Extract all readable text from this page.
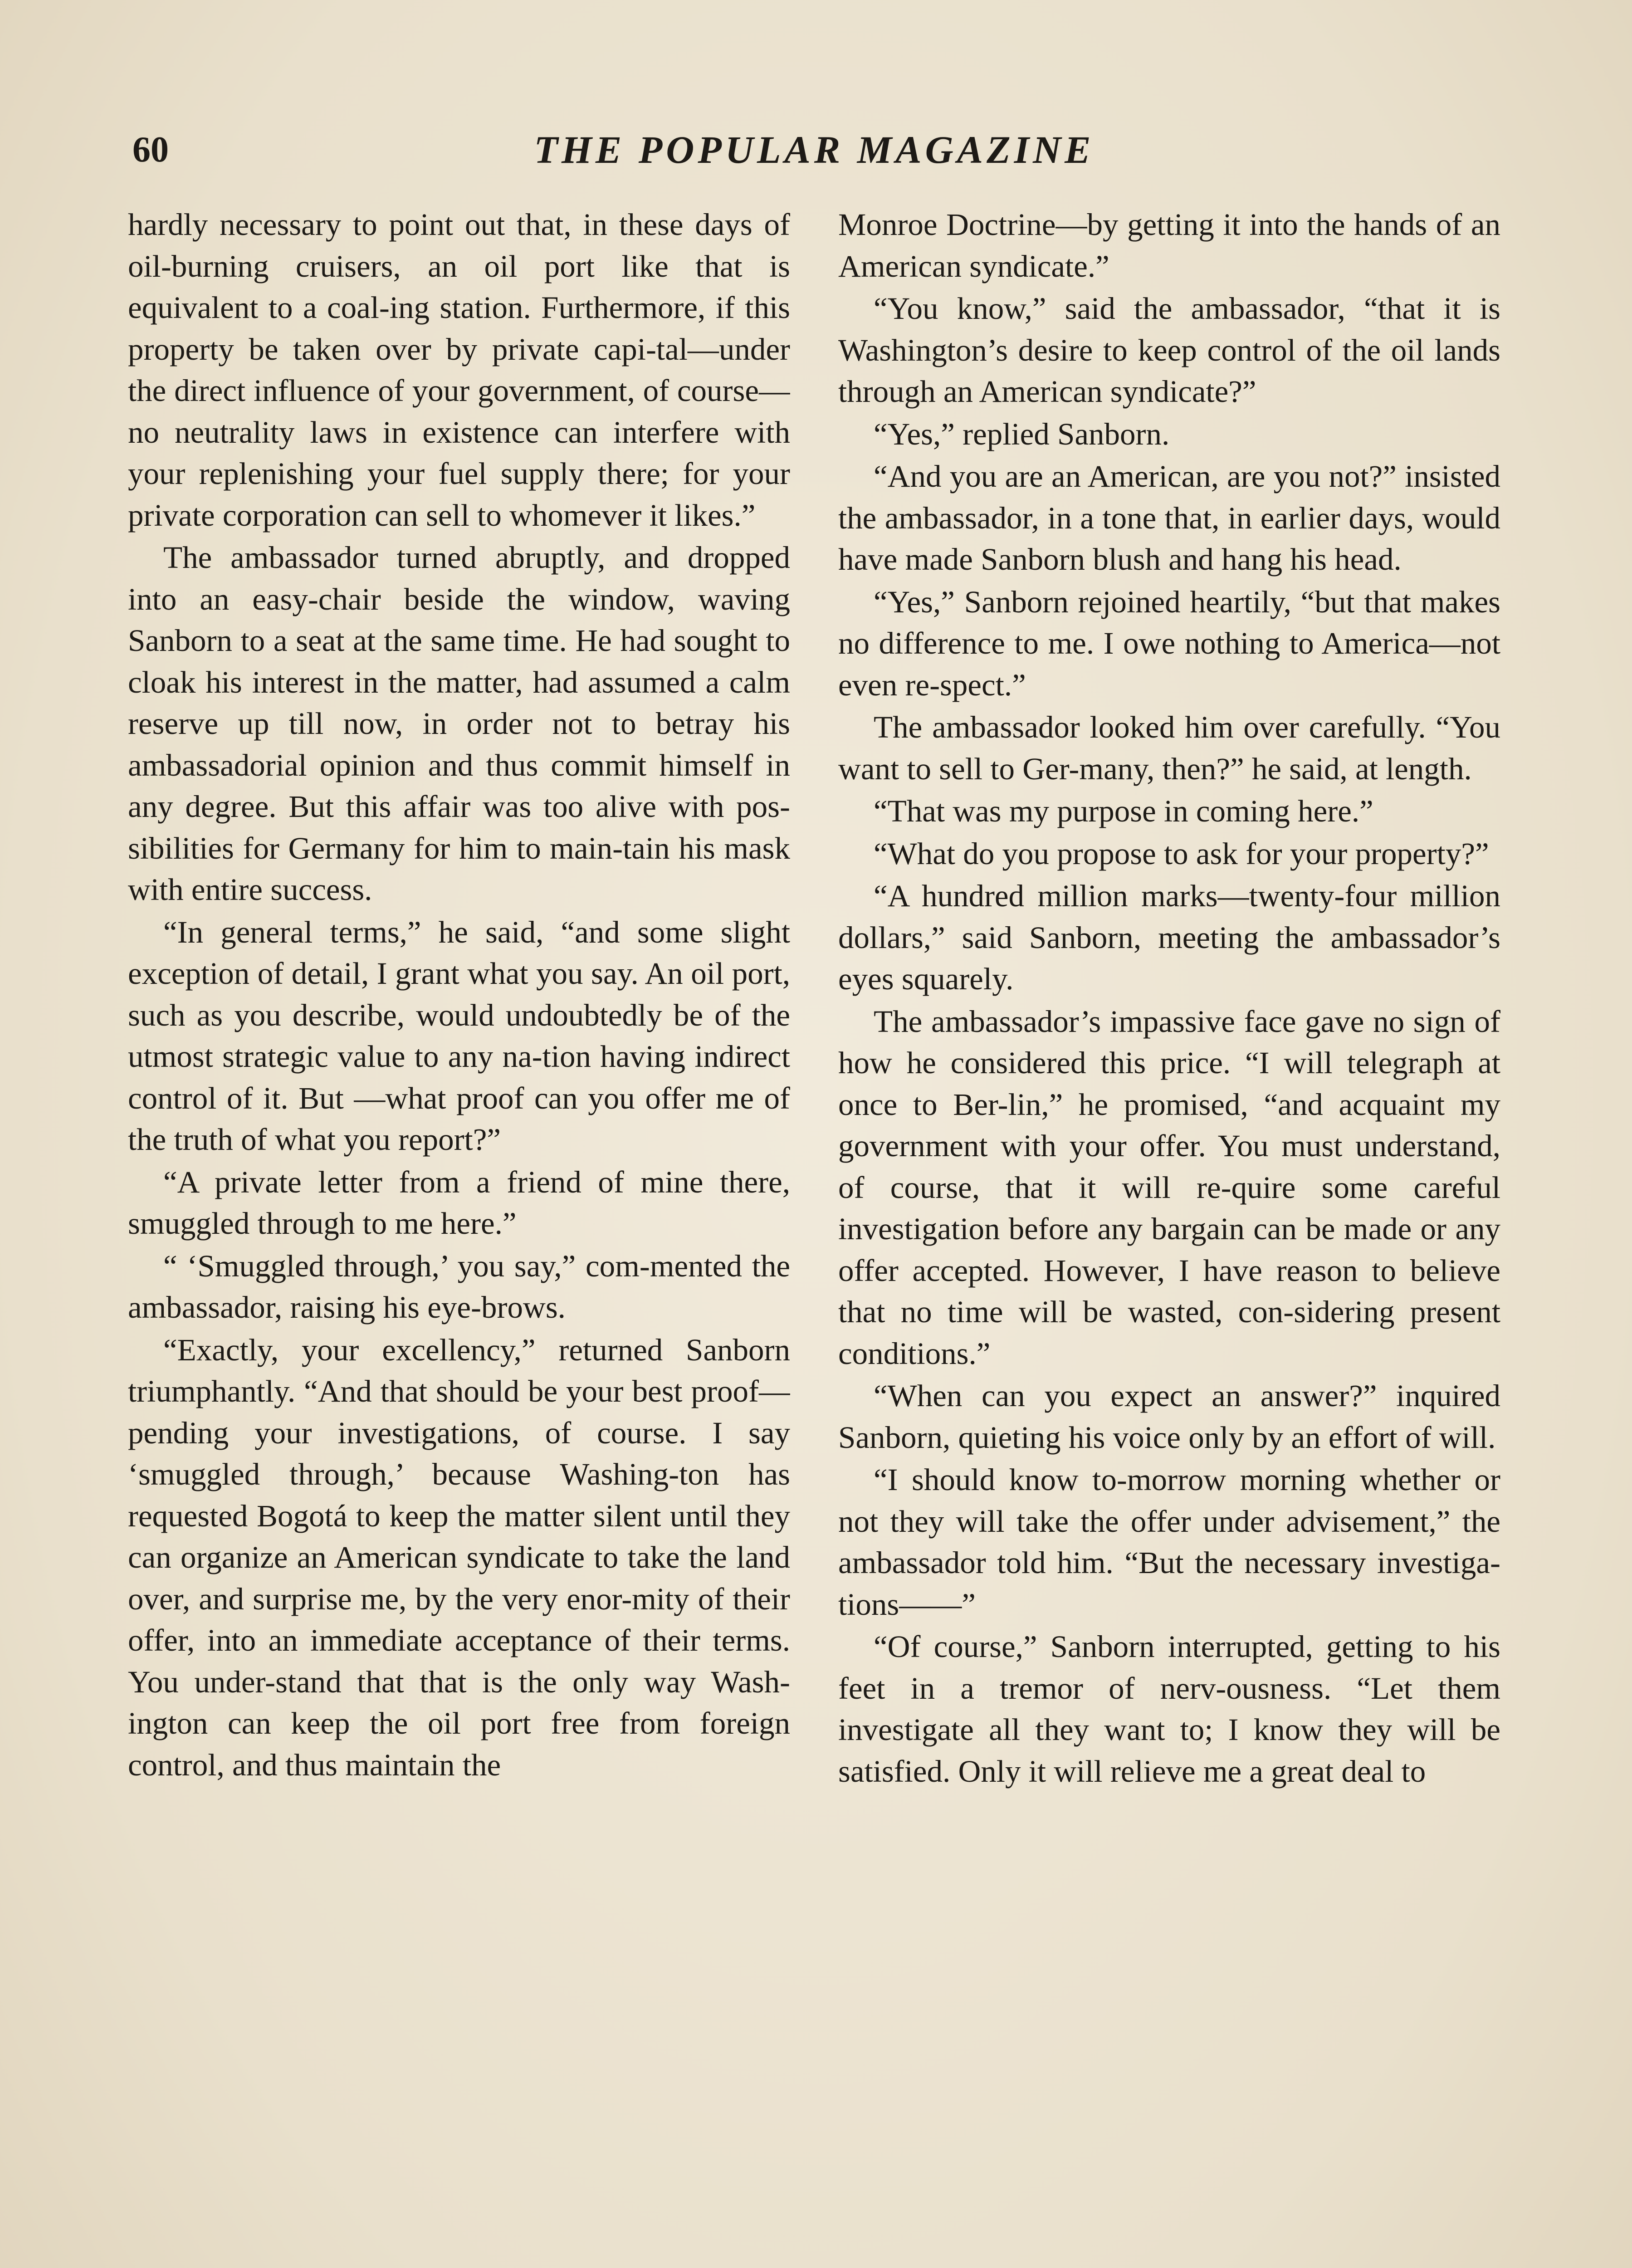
60	THE POPULAR MAGAZINE

hardly necessary to point out that, in these days of oil-burning cruisers, an oil port like that is equivalent to a coal-ing station. Furthermore, if this property be taken over by private capi-tal—under the direct influence of your government, of course—no neutrality laws in existence can interfere with your replenishing your fuel supply there; for your private corporation can sell to whomever it likes.”

The ambassador turned abruptly, and dropped into an easy-chair beside the window, waving Sanborn to a seat at the same time. He had sought to cloak his interest in the matter, had assumed a calm reserve up till now, in order not to betray his ambassadorial opinion and thus commit himself in any degree. But this affair was too alive with pos-sibilities for Germany for him to main-tain his mask with entire success.

“In general terms,” he said, “and some slight exception of detail, I grant what you say. An oil port, such as you describe, would undoubtedly be of the utmost strategic value to any na-tion having indirect control of it. But —what proof can you offer me of the truth of what you report?”

“A private letter from a friend of mine there, smuggled through to me here.”

“ ‘Smuggled through,’ you say,” com-mented the ambassador, raising his eye-brows.

“Exactly, your excellency,” returned Sanborn triumphantly. “And that should be your best proof—pending your investigations, of course. I say ‘smuggled through,’ because Washing-ton has requested Bogotá to keep the matter silent until they can organize an American syndicate to take the land over, and surprise me, by the very enor-mity of their offer, into an immediate acceptance of their terms. You under-stand that that is the only way Wash-ington can keep the oil port free from foreign control, and thus maintain the

Monroe Doctrine—by getting it into the hands of an American syndicate.”

“You know,” said the ambassador, “that it is Washington’s desire to keep control of the oil lands through an American syndicate?”

“Yes,” replied Sanborn.

“And you are an American, are you not?” insisted the ambassador, in a tone that, in earlier days, would have made Sanborn blush and hang his head.

“Yes,” Sanborn rejoined heartily, “but that makes no difference to me. I owe nothing to America—not even re-spect.”

The ambassador looked him over carefully. “You want to sell to Ger-many, then?” he said, at length.

“That was my purpose in coming here.”

“What do you propose to ask for your property?”

“A hundred million marks—twenty-four million dollars,” said Sanborn, meeting the ambassador’s eyes squarely.

The ambassador’s impassive face gave no sign of how he considered this price. “I will telegraph at once to Ber-lin,” he promised, “and acquaint my government with your offer. You must understand, of course, that it will re-quire some careful investigation before any bargain can be made or any offer accepted. However, I have reason to believe that no time will be wasted, con-sidering present conditions.”

“When can you expect an answer?” inquired Sanborn, quieting his voice only by an effort of will.

“I should know to-morrow morning whether or not they will take the offer under advisement,” the ambassador told him. “But the necessary investiga-tions——”

“Of course,” Sanborn interrupted, getting to his feet in a tremor of nerv-ousness. “Let them investigate all they want to; I know they will be satisfied. Only it will relieve me a great deal to
